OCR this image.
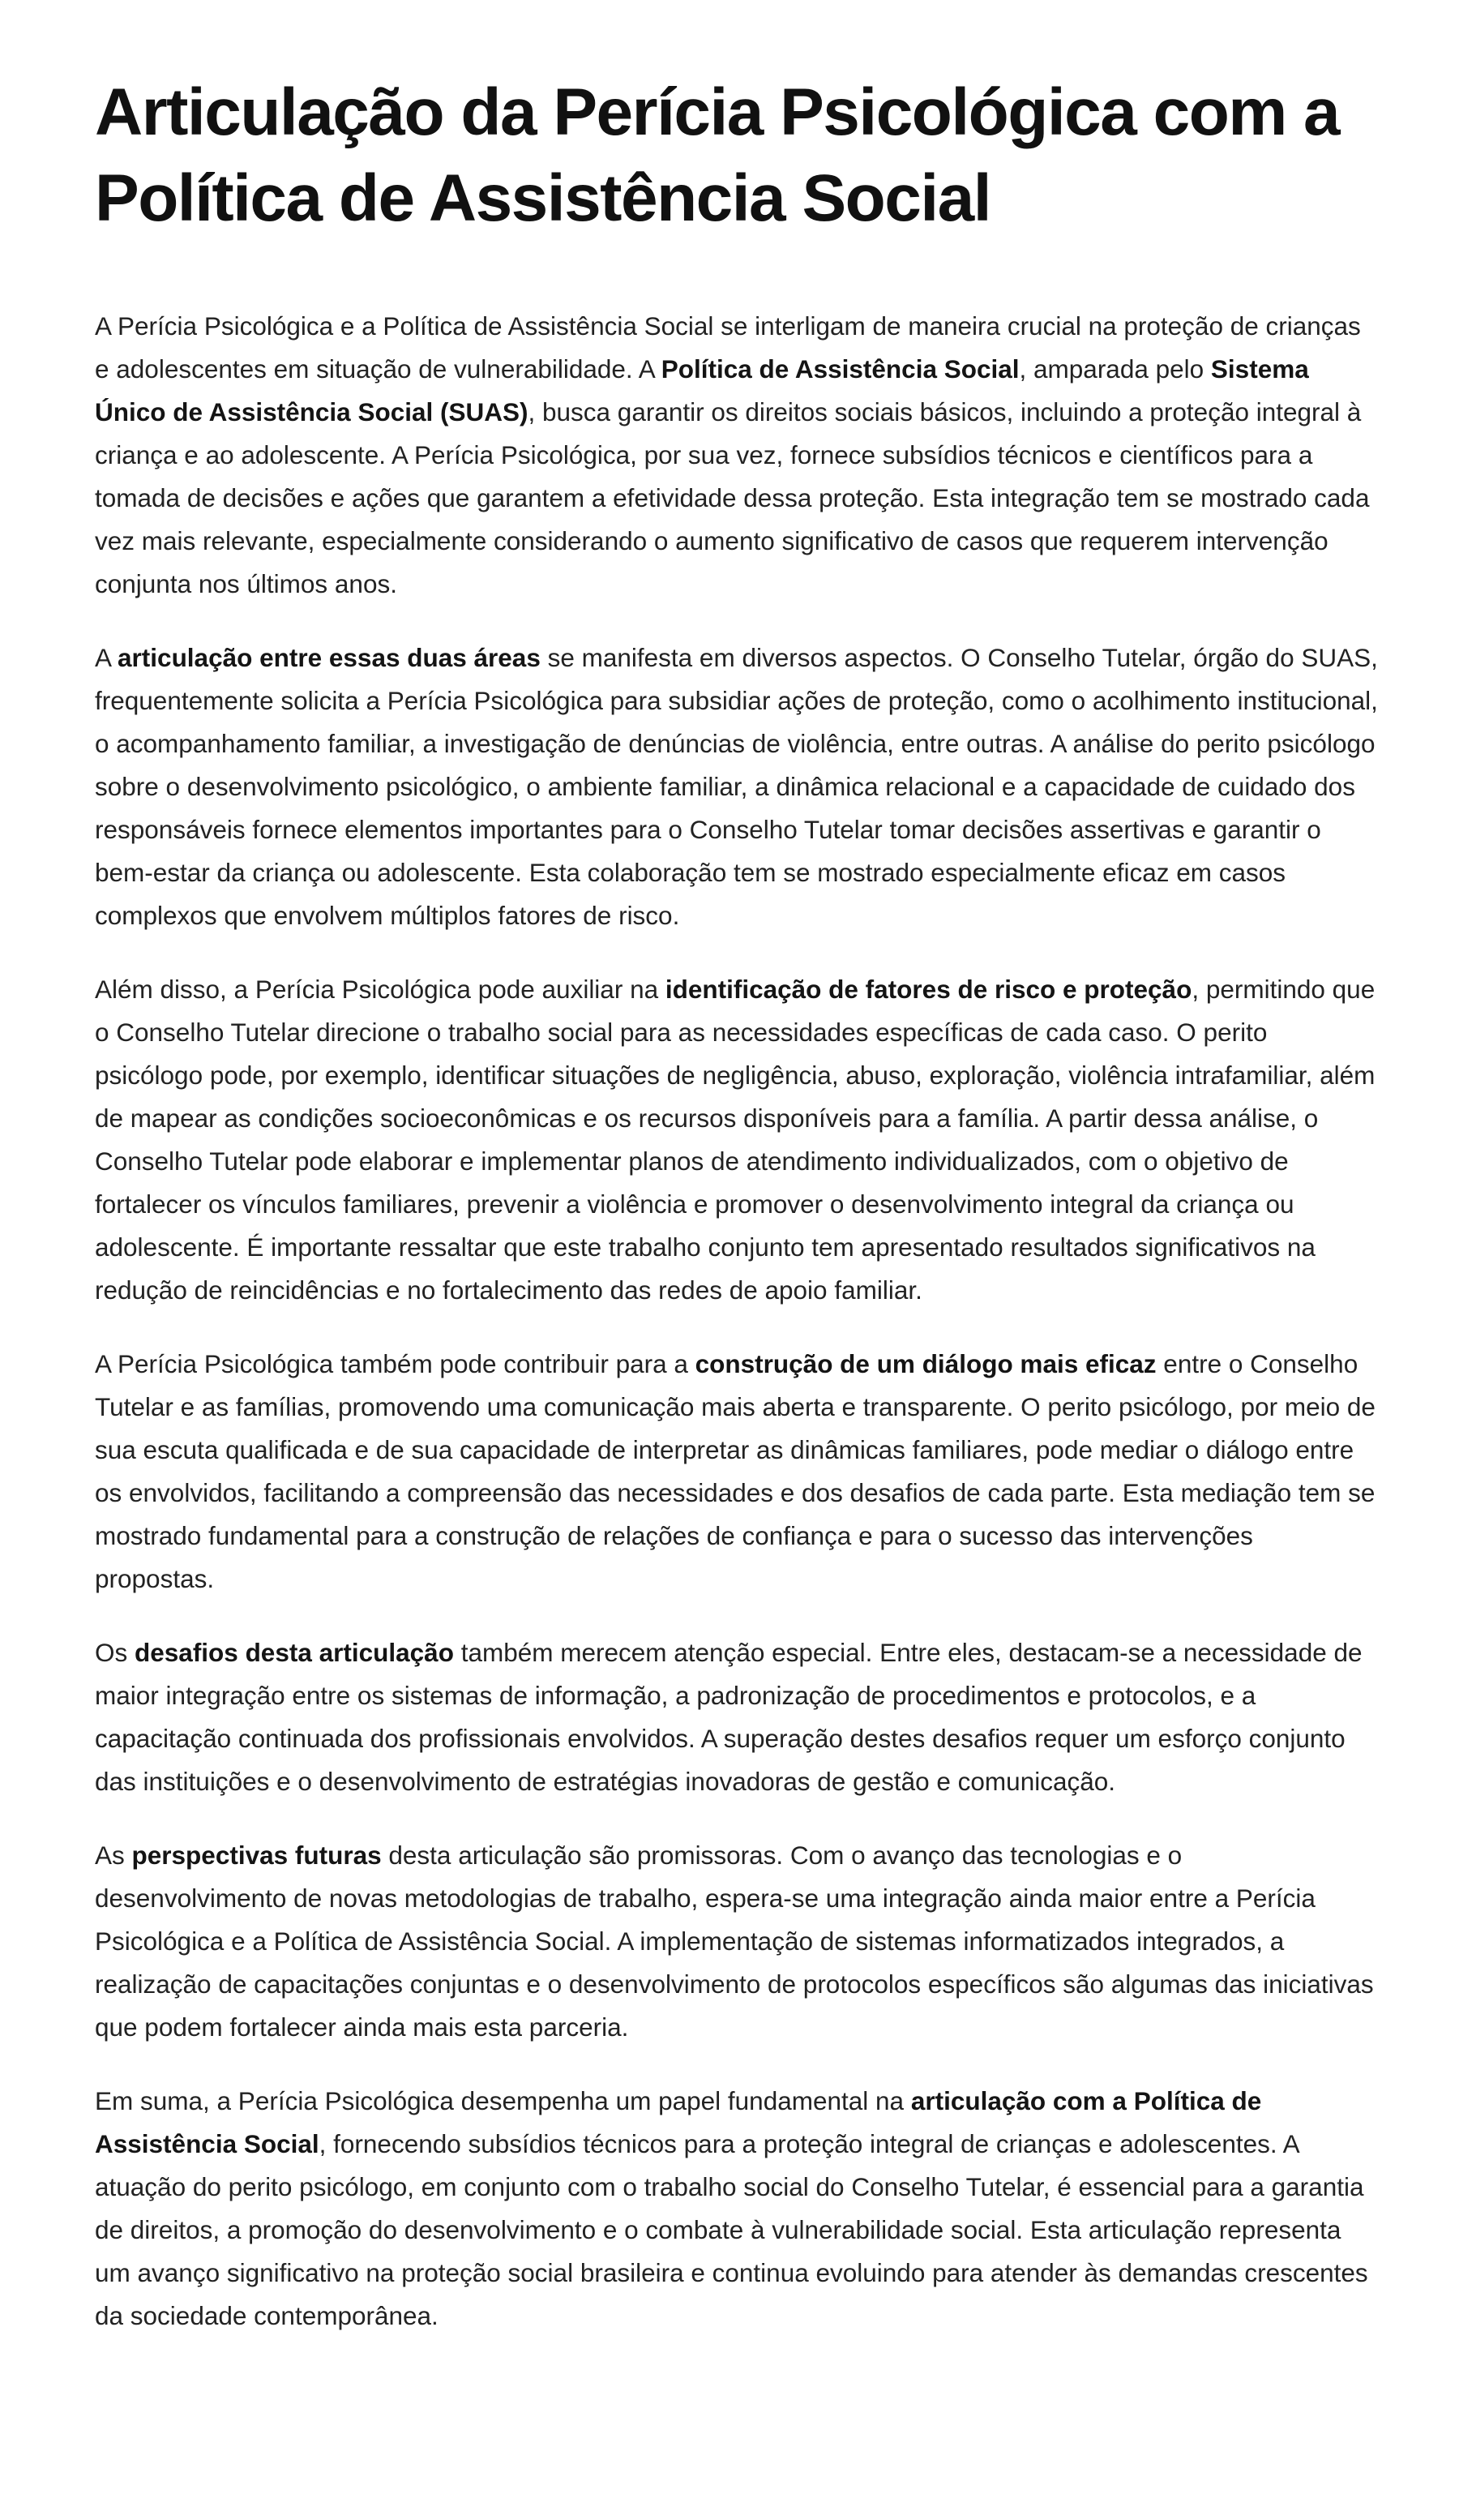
Articulação da Perícia Psicológica com a Política de Assistência Social

A Perícia Psicológica e a Política de Assistência Social se interligam de maneira crucial na proteção de crianças e adolescentes em situação de vulnerabilidade. A Política de Assistência Social, amparada pelo Sistema Único de Assistência Social (SUAS), busca garantir os direitos sociais básicos, incluindo a proteção integral à criança e ao adolescente. A Perícia Psicológica, por sua vez, fornece subsídios técnicos e científicos para a tomada de decisões e ações que garantem a efetividade dessa proteção. Esta integração tem se mostrado cada vez mais relevante, especialmente considerando o aumento significativo de casos que requerem intervenção conjunta nos últimos anos.

A articulação entre essas duas áreas se manifesta em diversos aspectos. O Conselho Tutelar, órgão do SUAS, frequentemente solicita a Perícia Psicológica para subsidiar ações de proteção, como o acolhimento institucional, o acompanhamento familiar, a investigação de denúncias de violência, entre outras. A análise do perito psicólogo sobre o desenvolvimento psicológico, o ambiente familiar, a dinâmica relacional e a capacidade de cuidado dos responsáveis fornece elementos importantes para o Conselho Tutelar tomar decisões assertivas e garantir o bem-estar da criança ou adolescente. Esta colaboração tem se mostrado especialmente eficaz em casos complexos que envolvem múltiplos fatores de risco.

Além disso, a Perícia Psicológica pode auxiliar na identificação de fatores de risco e proteção, permitindo que o Conselho Tutelar direcione o trabalho social para as necessidades específicas de cada caso. O perito psicólogo pode, por exemplo, identificar situações de negligência, abuso, exploração, violência intrafamiliar, além de mapear as condições socioeconômicas e os recursos disponíveis para a família. A partir dessa análise, o Conselho Tutelar pode elaborar e implementar planos de atendimento individualizados, com o objetivo de fortalecer os vínculos familiares, prevenir a violência e promover o desenvolvimento integral da criança ou adolescente. É importante ressaltar que este trabalho conjunto tem apresentado resultados significativos na redução de reincidências e no fortalecimento das redes de apoio familiar.

A Perícia Psicológica também pode contribuir para a construção de um diálogo mais eficaz entre o Conselho Tutelar e as famílias, promovendo uma comunicação mais aberta e transparente. O perito psicólogo, por meio de sua escuta qualificada e de sua capacidade de interpretar as dinâmicas familiares, pode mediar o diálogo entre os envolvidos, facilitando a compreensão das necessidades e dos desafios de cada parte. Esta mediação tem se mostrado fundamental para a construção de relações de confiança e para o sucesso das intervenções propostas.

Os desafios desta articulação também merecem atenção especial. Entre eles, destacam-se a necessidade de maior integração entre os sistemas de informação, a padronização de procedimentos e protocolos, e a capacitação continuada dos profissionais envolvidos. A superação destes desafios requer um esforço conjunto das instituições e o desenvolvimento de estratégias inovadoras de gestão e comunicação.

As perspectivas futuras desta articulação são promissoras. Com o avanço das tecnologias e o desenvolvimento de novas metodologias de trabalho, espera-se uma integração ainda maior entre a Perícia Psicológica e a Política de Assistência Social. A implementação de sistemas informatizados integrados, a realização de capacitações conjuntas e o desenvolvimento de protocolos específicos são algumas das iniciativas que podem fortalecer ainda mais esta parceria.

Em suma, a Perícia Psicológica desempenha um papel fundamental na articulação com a Política de Assistência Social, fornecendo subsídios técnicos para a proteção integral de crianças e adolescentes. A atuação do perito psicólogo, em conjunto com o trabalho social do Conselho Tutelar, é essencial para a garantia de direitos, a promoção do desenvolvimento e o combate à vulnerabilidade social. Esta articulação representa um avanço significativo na proteção social brasileira e continua evoluindo para atender às demandas crescentes da sociedade contemporânea.
